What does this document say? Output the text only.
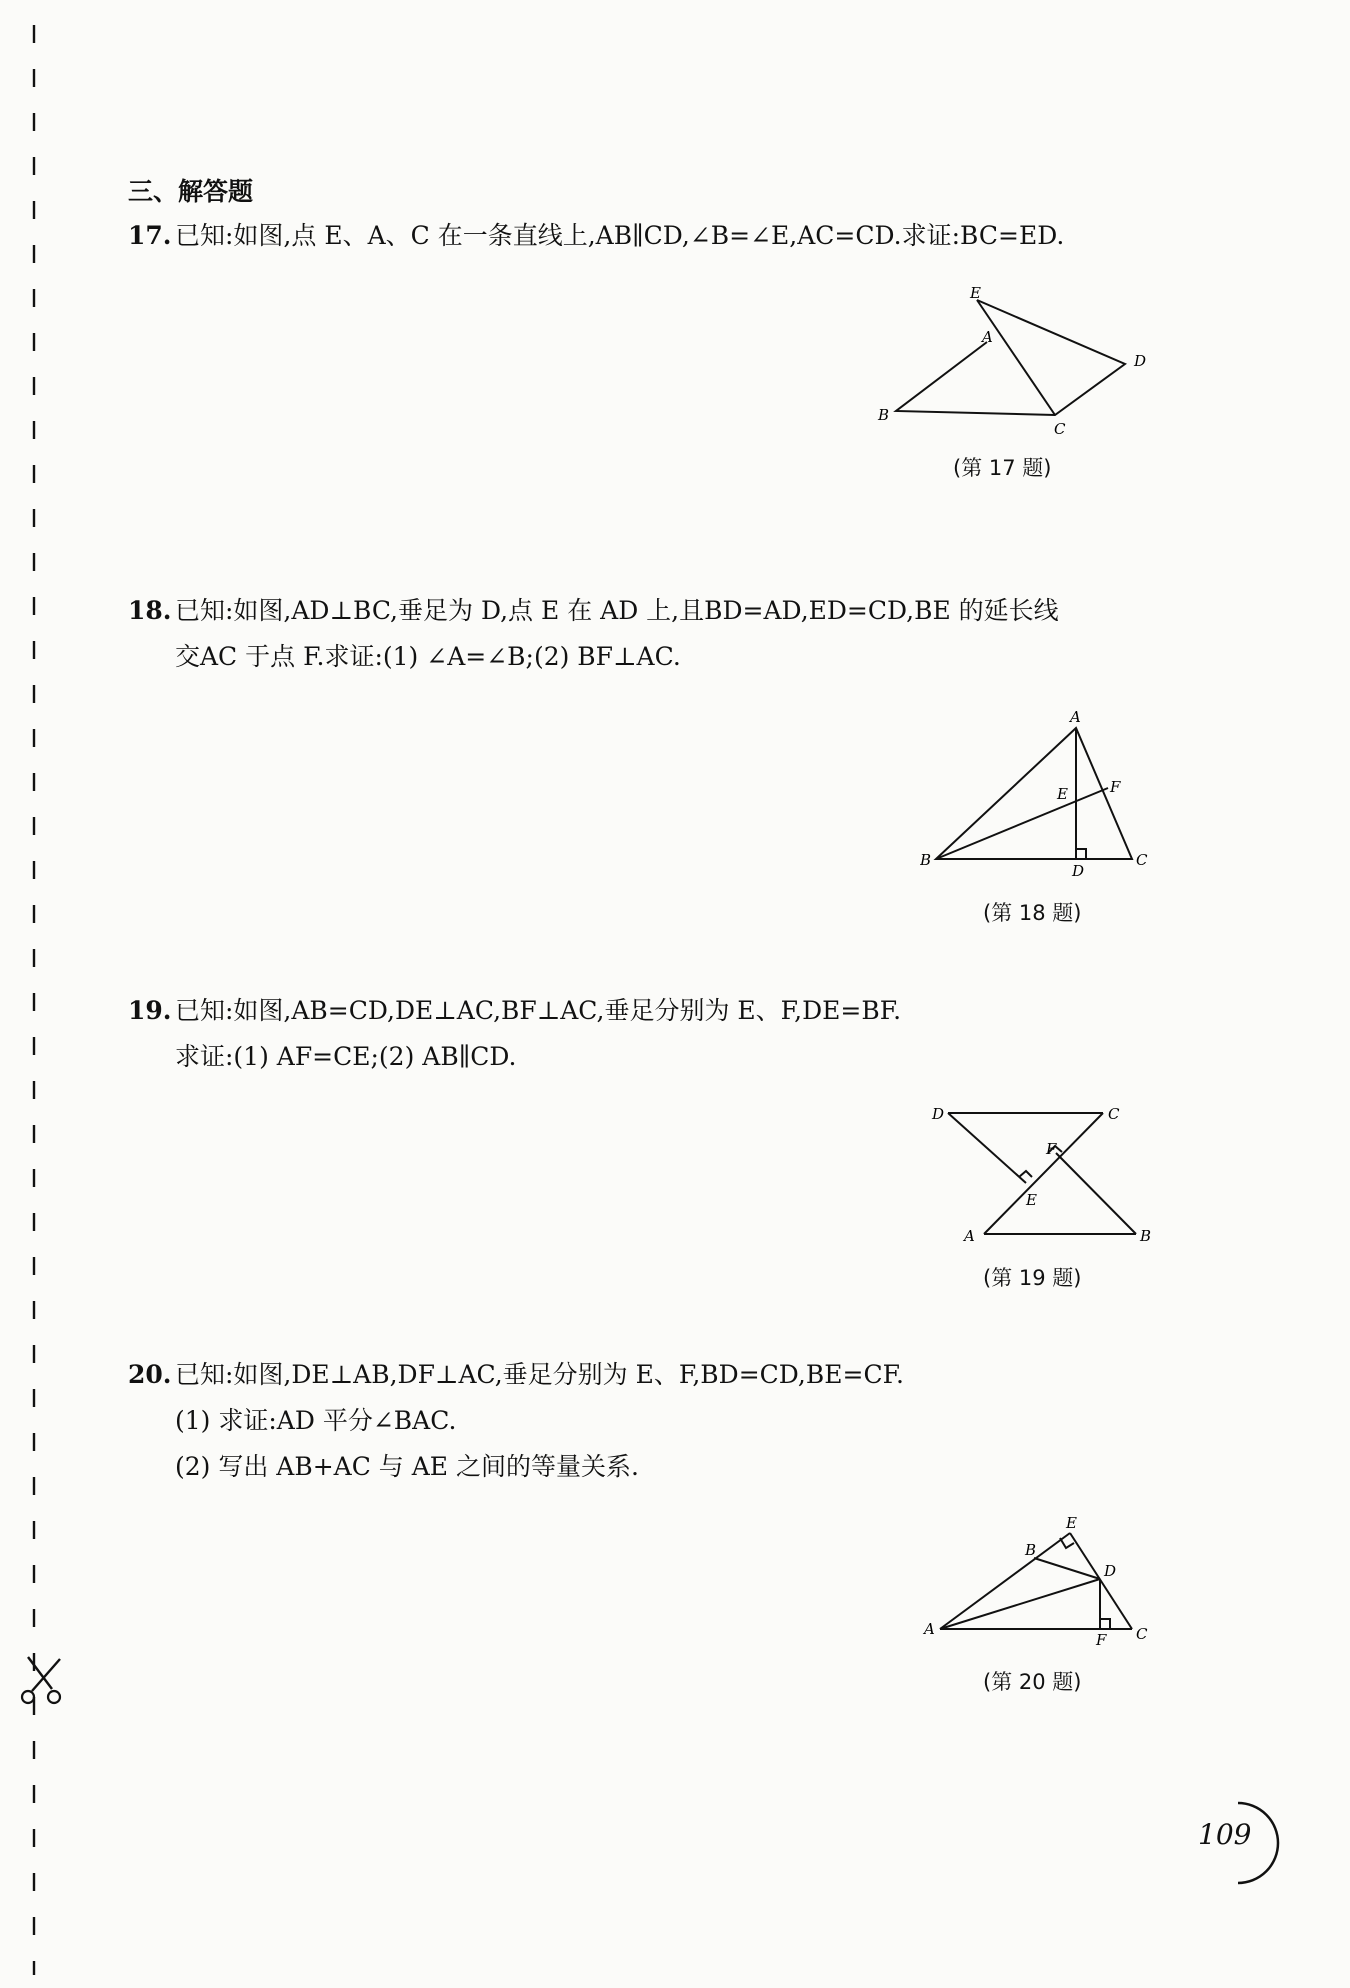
三、解答题
17. 已知:如图,点 E、A、C 在一条直线上,AB∥CD,∠B=∠E,AC=CD.求证:BC=ED.
E
A
D
B
C
(第 17 题)
18. 已知:如图,AD⊥BC,垂足为 D,点 E 在 AD 上,且BD=AD,ED=CD,BE 的延长线
交AC 于点 F.求证:(1) ∠A=∠B;(2) BF⊥AC.
A
E	F
B
D
C
(第 18 题)
19. 已知:如图,AB=CD,DE⊥AC,BF⊥AC,垂足分别为 E、F,DE=BF.
求证:(1) AF=CE;(2) AB∥CD.
D	C
F
E
A	B
(第 19 题)
20. 已知:如图,DE⊥AB,DF⊥AC,垂足分别为 E、F,BD=CD,BE=CF.
(1) 求证:AD 平分∠BAC.
(2) 写出 AB+AC 与 AE 之间的等量关系.
E
B
D
A
F C
(第 20 题)
109
